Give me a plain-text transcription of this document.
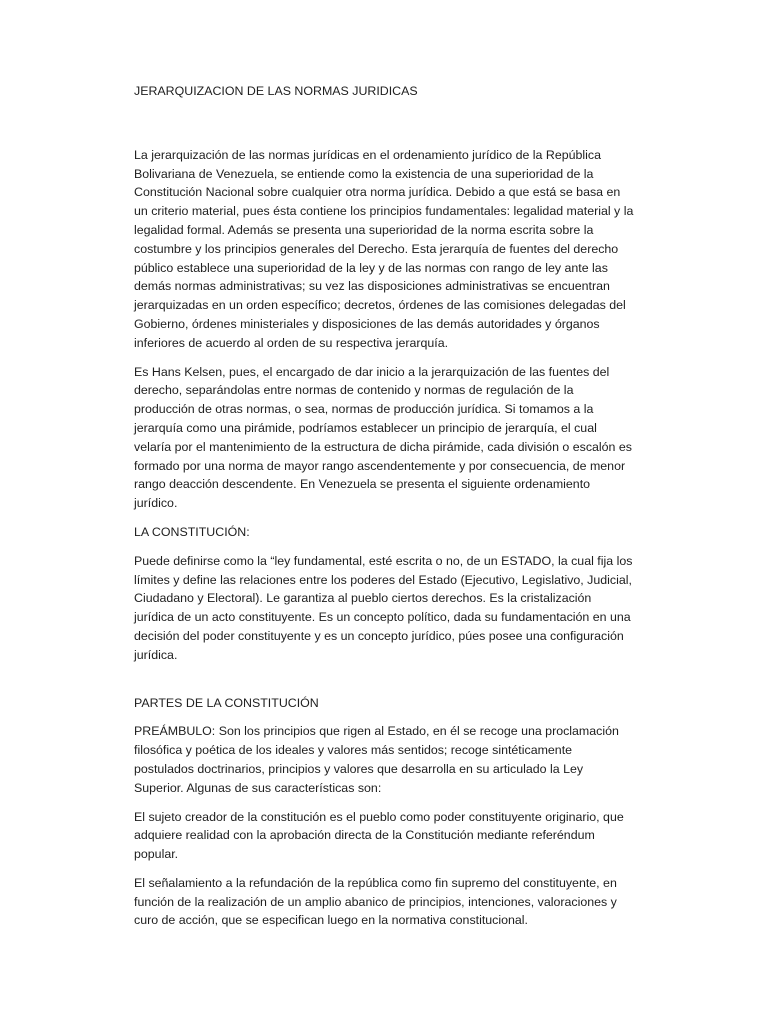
JERARQUIZACION DE LAS NORMAS JURIDICAS

La jerarquización de las normas jurídicas en el ordenamiento jurídico de la República Bolivariana de Venezuela, se entiende como la existencia de una superioridad de la Constitución Nacional sobre cualquier otra norma jurídica. Debido a que está se basa en un criterio material, pues ésta contiene los principios fundamentales: legalidad material y la legalidad formal. Además se presenta una superioridad de la norma escrita sobre la costumbre y los principios generales del Derecho. Esta jerarquía de fuentes del derecho público establece una superioridad de la ley y de las normas con rango de ley ante las demás normas administrativas; su vez las disposiciones administrativas se encuentran jerarquizadas en un orden específico; decretos, órdenes de las comisiones delegadas del Gobierno, órdenes ministeriales y disposiciones de las demás autoridades y órganos inferiores de acuerdo al orden de su respectiva jerarquía.

Es Hans Kelsen, pues, el encargado de dar inicio a la jerarquización de las fuentes del derecho, separándolas entre normas de contenido y normas de regulación de la producción de otras normas, o sea, normas de producción jurídica. Si tomamos a la jerarquía como una pirámide, podríamos establecer un principio de jerarquía, el cual velaría por el mantenimiento de la estructura de dicha pirámide, cada división o escalón es formado por una norma de mayor rango ascendentemente y por consecuencia, de menor rango deacción descendente. En Venezuela se presenta el siguiente ordenamiento jurídico.

LA CONSTITUCIÓN:

Puede definirse como la “ley fundamental, esté escrita o no, de un ESTADO, la cual fija los límites y define las relaciones entre los poderes del Estado (Ejecutivo, Legislativo, Judicial, Ciudadano y Electoral). Le garantiza al pueblo ciertos derechos. Es la cristalización jurídica de un acto constituyente. Es un concepto político, dada su fundamentación en una decisión del poder constituyente y es un concepto jurídico, púes posee una configuración jurídica.

PARTES DE LA CONSTITUCIÓN

PREÁMBULO: Son los principios que rigen al Estado, en él se recoge una proclamación filosófica y poética de los ideales y valores más sentidos; recoge sintéticamente postulados doctrinarios, principios y valores que desarrolla en su articulado la Ley Superior. Algunas de sus características son:

El sujeto creador de la constitución es el pueblo como poder constituyente originario, que adquiere realidad con la aprobación directa de la Constitución mediante referéndum popular.

El señalamiento a la refundación de la república como fin supremo del constituyente, en función de la realización de un amplio abanico de principios, intenciones, valoraciones y curo de acción, que se especifican luego en la normativa constitucional.
